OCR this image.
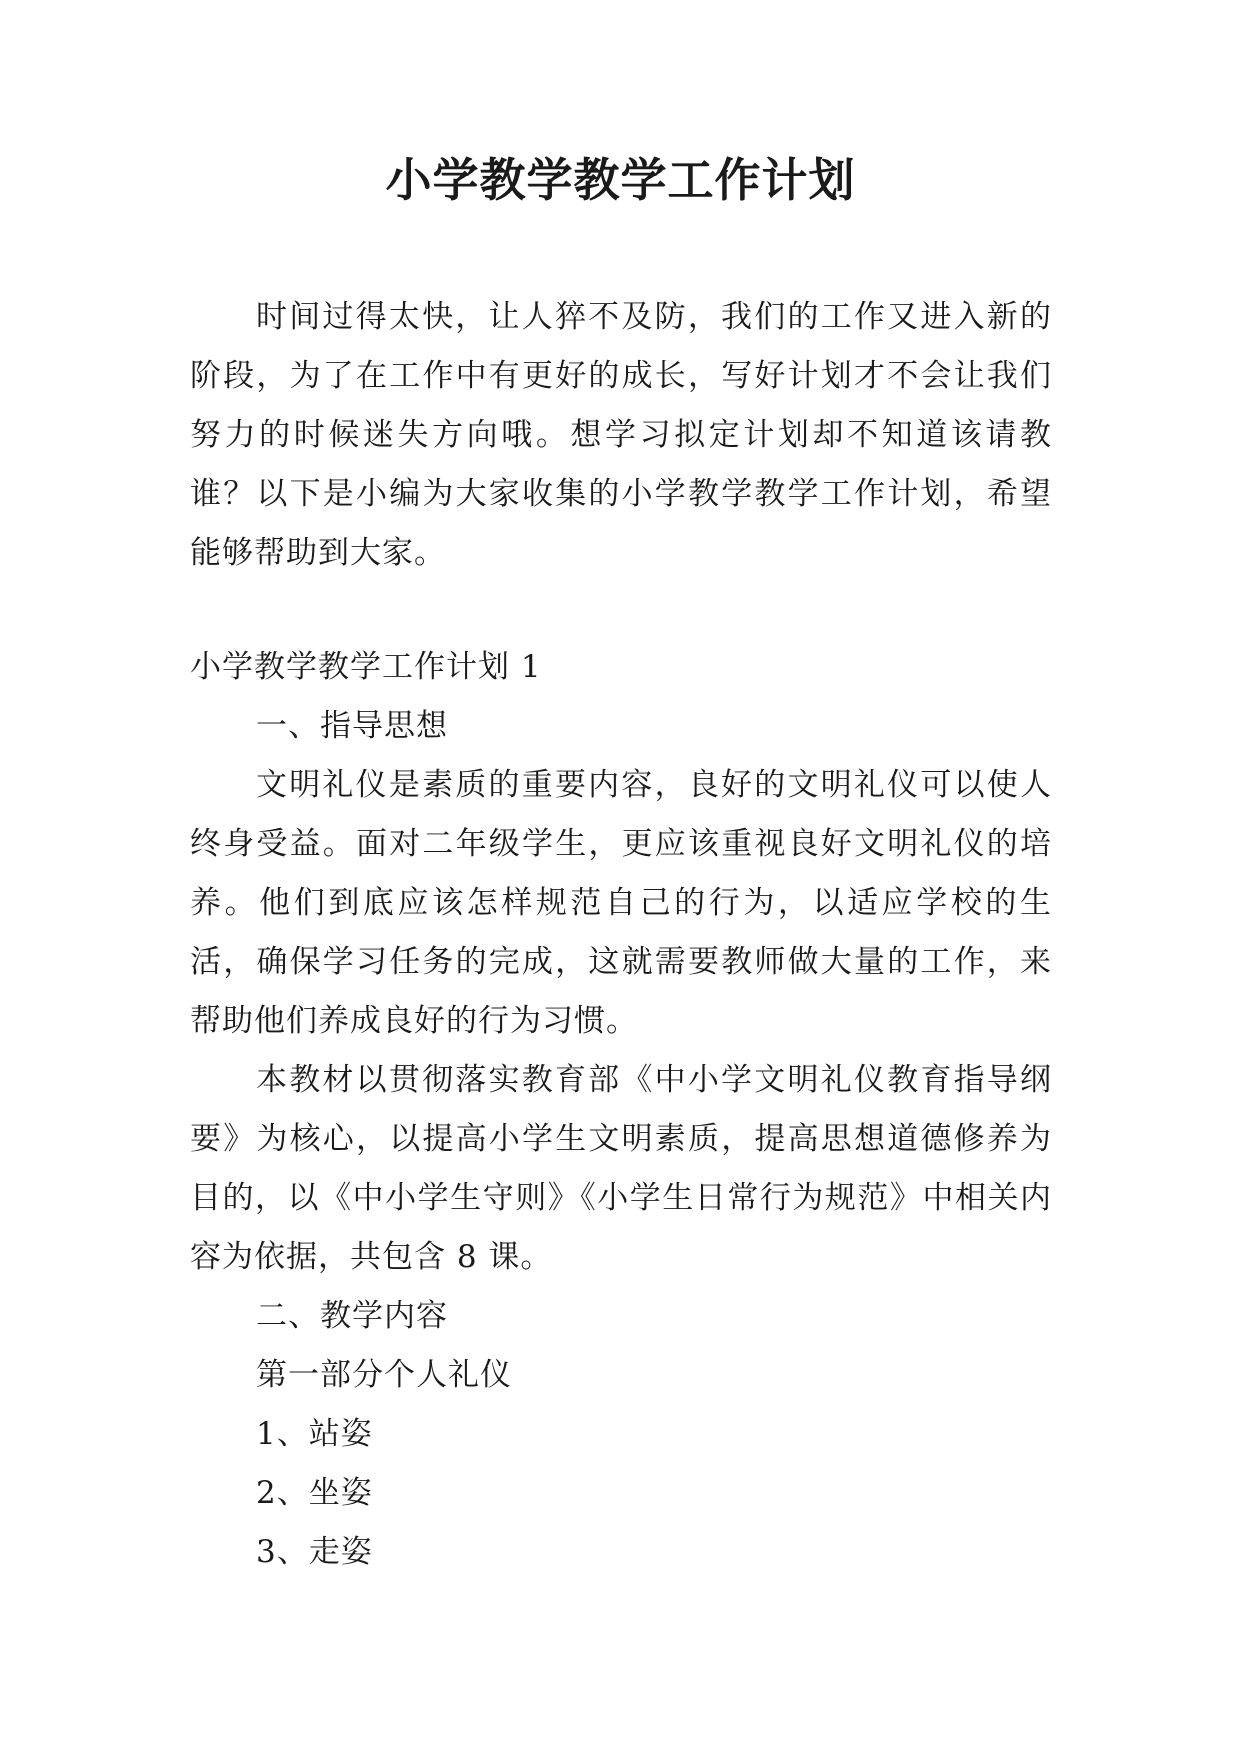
小学教学教学工作计划

时间过得太快，让人猝不及防，我们的工作又进入新的阶段，为了在工作中有更好的成长，写好计划才不会让我们努力的时候迷失方向哦。想学习拟定计划却不知道该请教谁？以下是小编为大家收集的小学教学教学工作计划，希望能够帮助到大家。

小学教学教学工作计划 1

一、指导思想

文明礼仪是素质的重要内容，良好的文明礼仪可以使人终身受益。面对二年级学生，更应该重视良好文明礼仪的培养。他们到底应该怎样规范自己的行为，以适应学校的生活，确保学习任务的完成，这就需要教师做大量的工作，来帮助他们养成良好的行为习惯。

本教材以贯彻落实教育部《中小学文明礼仪教育指导纲要》为核心，以提高小学生文明素质，提高思想道德修养为目的，以《中小学生守则》《小学生日常行为规范》中相关内容为依据，共包含 8 课。

二、教学内容

第一部分个人礼仪

1、站姿

2、坐姿

3、走姿
